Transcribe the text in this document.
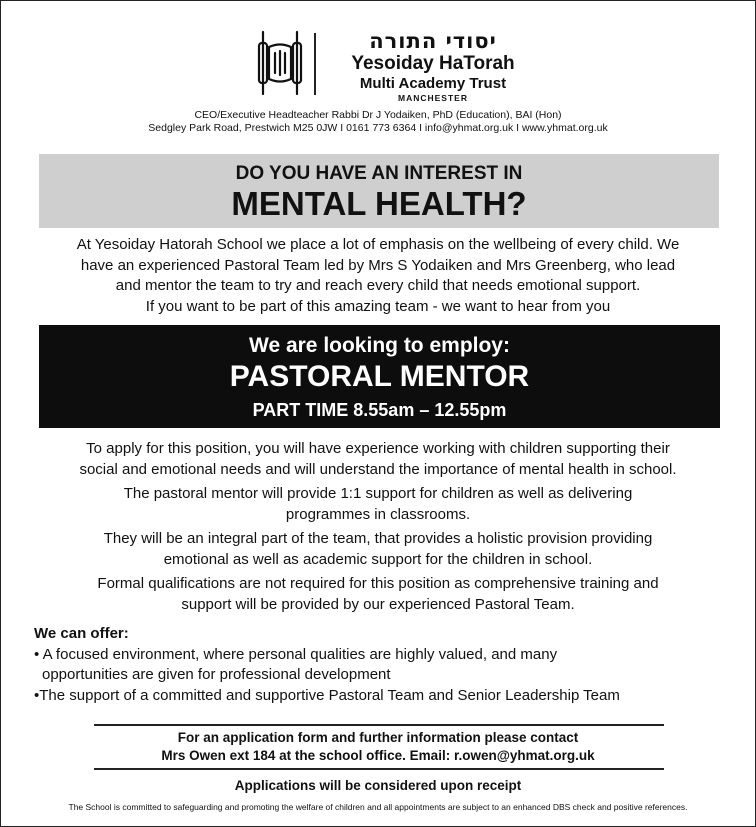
יסודי התורה
Yesoiday HaTorah
Multi Academy Trust
MANCHESTER
CEO/Executive Headteacher Rabbi Dr J Yodaiken, PhD (Education), BAI (Hon)
Sedgley Park Road, Prestwich M25 0JW I 0161 773 6364 I info@yhmat.org.uk I www.yhmat.org.uk
DO YOU HAVE AN INTEREST IN
MENTAL HEALTH?
At Yesoiday Hatorah School we place a lot of emphasis on the wellbeing of every child. We
have an experienced Pastoral Team led by Mrs S Yodaiken and Mrs Greenberg, who lead
and mentor the team to try and reach every child that needs emotional support.
If you want to be part of this amazing team - we want to hear from you
We are looking to employ:
PASTORAL MENTOR
PART TIME 8.55am – 12.55pm

To apply for this position, you will have experience working with children supporting their
social and emotional needs and will understand the importance of mental health in school.

The pastoral mentor will provide 1:1 support for children as well as delivering
programmes in classrooms.

They will be an integral part of the team, that provides a holistic provision providing
emotional as well as academic support for the children in school.

Formal qualifications are not required for this position as comprehensive training and
support will be provided by our experienced Pastoral Team.

We can offer:
• A focused environment, where personal qualities are highly valued, and many
opportunities are given for professional development
•The support of a committed and supportive Pastoral Team and Senior Leadership Team
For an application form and further information please contact
Mrs Owen ext 184 at the school office. Email: r.owen@yhmat.org.uk
Applications will be considered upon receipt
The School is committed to safeguarding and promoting the welfare of children and all appointments are subject to an enhanced DBS check and positive references.
